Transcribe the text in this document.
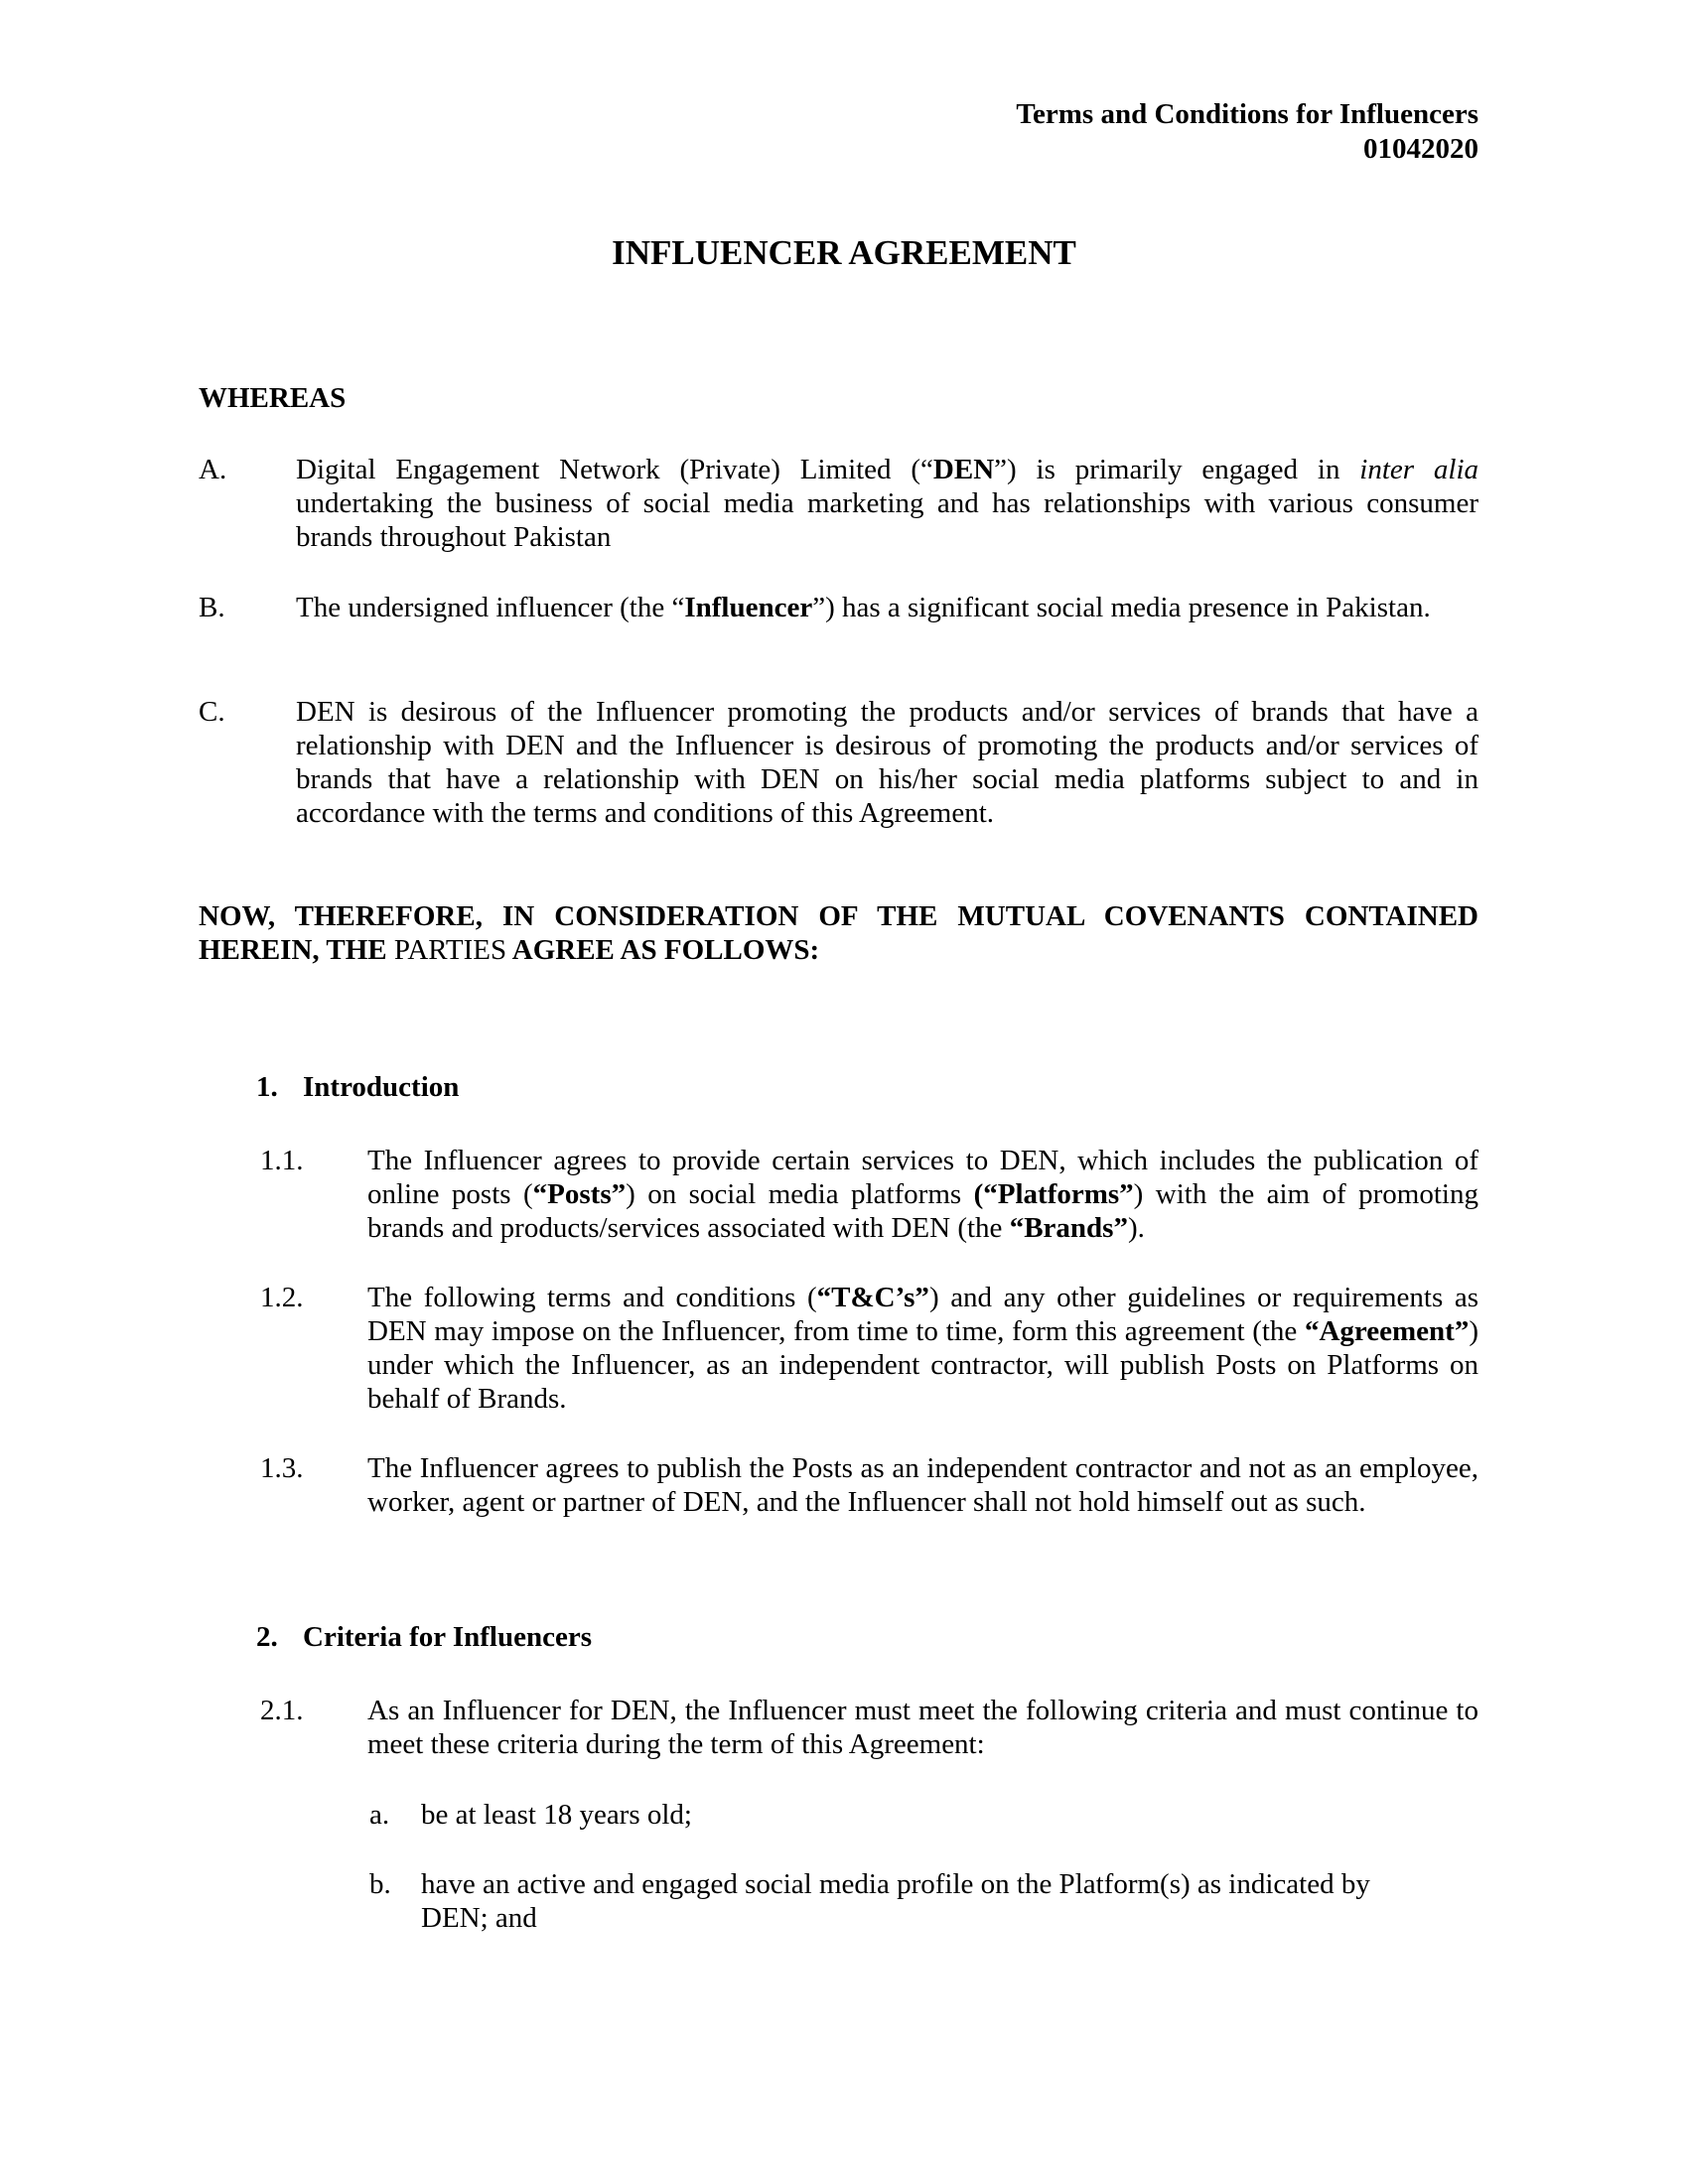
Terms and Conditions for Influencers
01042020
INFLUENCER AGREEMENT
WHEREAS
A. Digital Engagement Network (Private) Limited (“DEN”) is primarily engaged in inter alia undertaking the business of social media marketing and has relationships with various consumer brands throughout Pakistan
B. The undersigned influencer (the “Influencer”) has a significant social media presence in Pakistan.
C. DEN is desirous of the Influencer promoting the products and/or services of brands that have a relationship with DEN and the Influencer is desirous of promoting the products and/or services of brands that have a relationship with DEN on his/her social media platforms subject to and in accordance with the terms and conditions of this Agreement.
NOW, THEREFORE, IN CONSIDERATION OF THE MUTUAL COVENANTS CONTAINED HEREIN, THE PARTIES AGREE AS FOLLOWS:
1. Introduction
1.1. The Influencer agrees to provide certain services to DEN, which includes the publication of online posts (“Posts”) on social media platforms (“Platforms”) with the aim of promoting brands and products/services associated with DEN (the “Brands”).
1.2. The following terms and conditions (“T&C’s”) and any other guidelines or requirements as DEN may impose on the Influencer, from time to time, form this agreement (the “Agreement”) under which the Influencer, as an independent contractor, will publish Posts on Platforms on behalf of Brands.
1.3. The Influencer agrees to publish the Posts as an independent contractor and not as an employee, worker, agent or partner of DEN, and the Influencer shall not hold himself out as such.
2. Criteria for Influencers
2.1. As an Influencer for DEN, the Influencer must meet the following criteria and must continue to meet these criteria during the term of this Agreement:
a. be at least 18 years old;
b. have an active and engaged social media profile on the Platform(s) as indicated by DEN; and
